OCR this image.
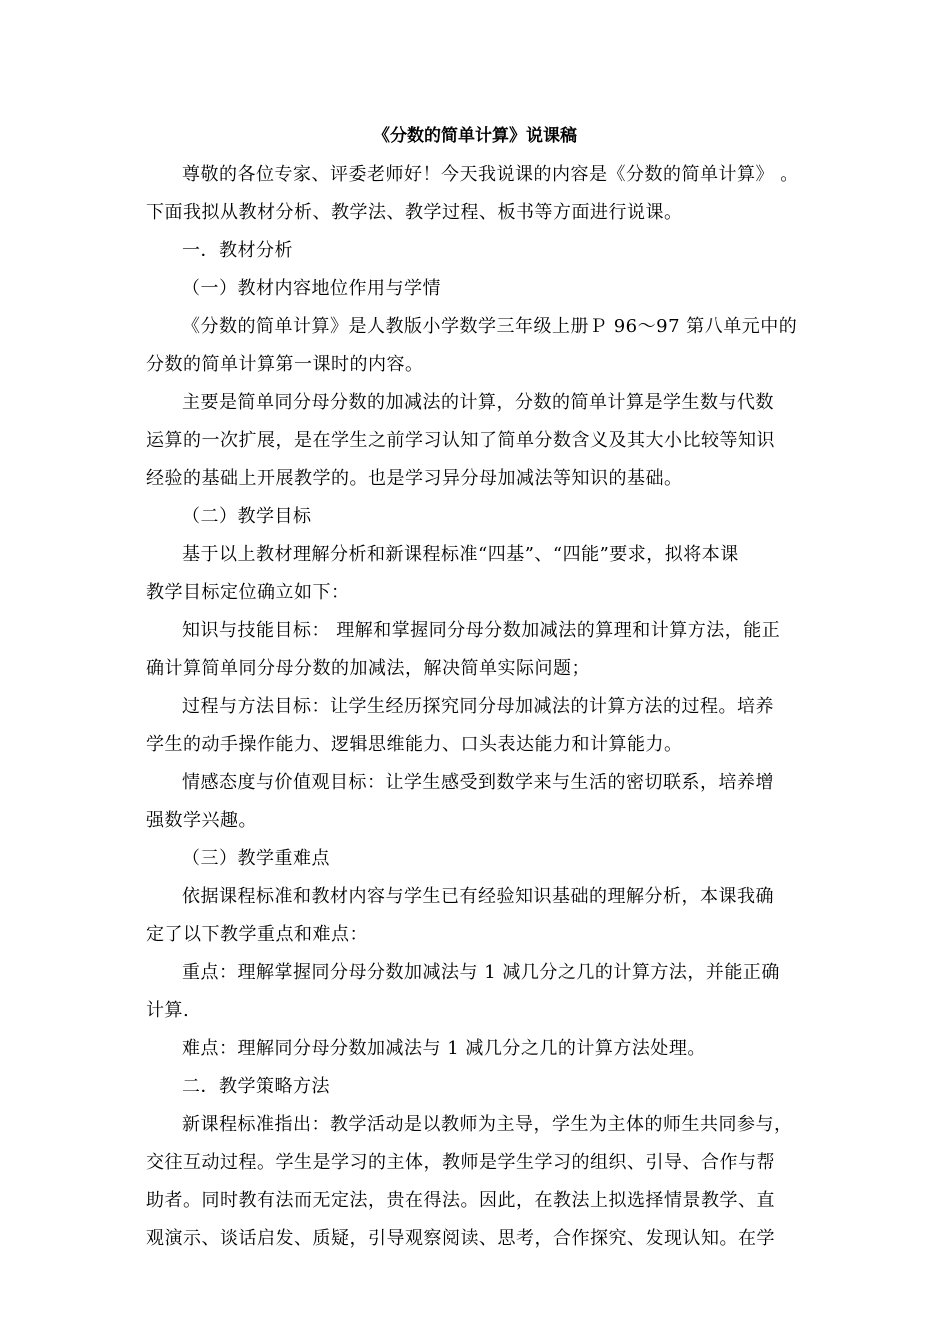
《分数的简单计算》说课稿
尊敬的各位专家、评委老师好！今天我说课的内容是《分数的简单计算》 。
下面我拟从教材分析、教学法、教学过程、板书等方面进行说课。
一．教材分析
（一）教材内容地位作用与学情
《分数的简单计算》是人教版小学数学三年级上册Ｐ 96～97 第八单元中的
分数的简单计算第一课时的内容。
主要是简单同分母分数的加减法的计算，分数的简单计算是学生数与代数
运算的一次扩展，是在学生之前学习认知了简单分数含义及其大小比较等知识
经验的基础上开展教学的。也是学习异分母加减法等知识的基础。
（二）教学目标
基于以上教材理解分析和新课程标准“四基”、“四能”要求，拟将本课
教学目标定位确立如下：
知识与技能目标： 理解和掌握同分母分数加减法的算理和计算方法，能正
确计算简单同分母分数的加减法，解决简单实际问题；
过程与方法目标：让学生经历探究同分母加减法的计算方法的过程。培养
学生的动手操作能力、逻辑思维能力、口头表达能力和计算能力。
情感态度与价值观目标：让学生感受到数学来与生活的密切联系，培养增
强数学兴趣。
（三）教学重难点
依据课程标准和教材内容与学生已有经验知识基础的理解分析，本课我确
定了以下教学重点和难点：
重点：理解掌握同分母分数加减法与 1 减几分之几的计算方法，并能正确
计算.
难点：理解同分母分数加减法与 1 减几分之几的计算方法处理。
二．教学策略方法
新课程标准指出：教学活动是以教师为主导，学生为主体的师生共同参与，
交往互动过程。学生是学习的主体，教师是学生学习的组织、引导、合作与帮
助者。同时教有法而无定法，贵在得法。因此，在教法上拟选择情景教学、直
观演示、谈话启发、质疑，引导观察阅读、思考，合作探究、发现认知。在学
